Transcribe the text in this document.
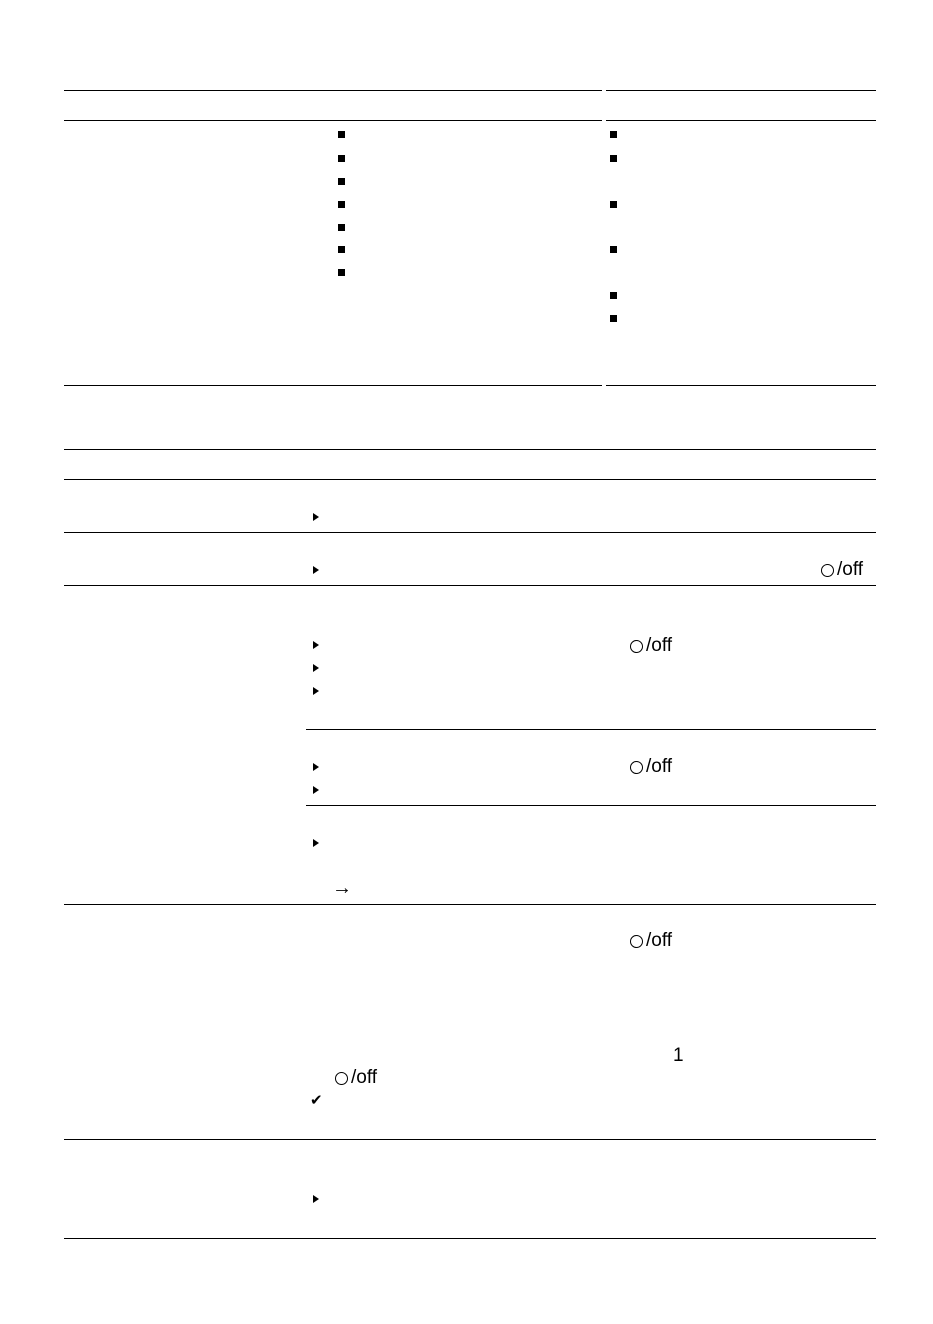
/off
/off
/off
/off
/off
1
→
✔
